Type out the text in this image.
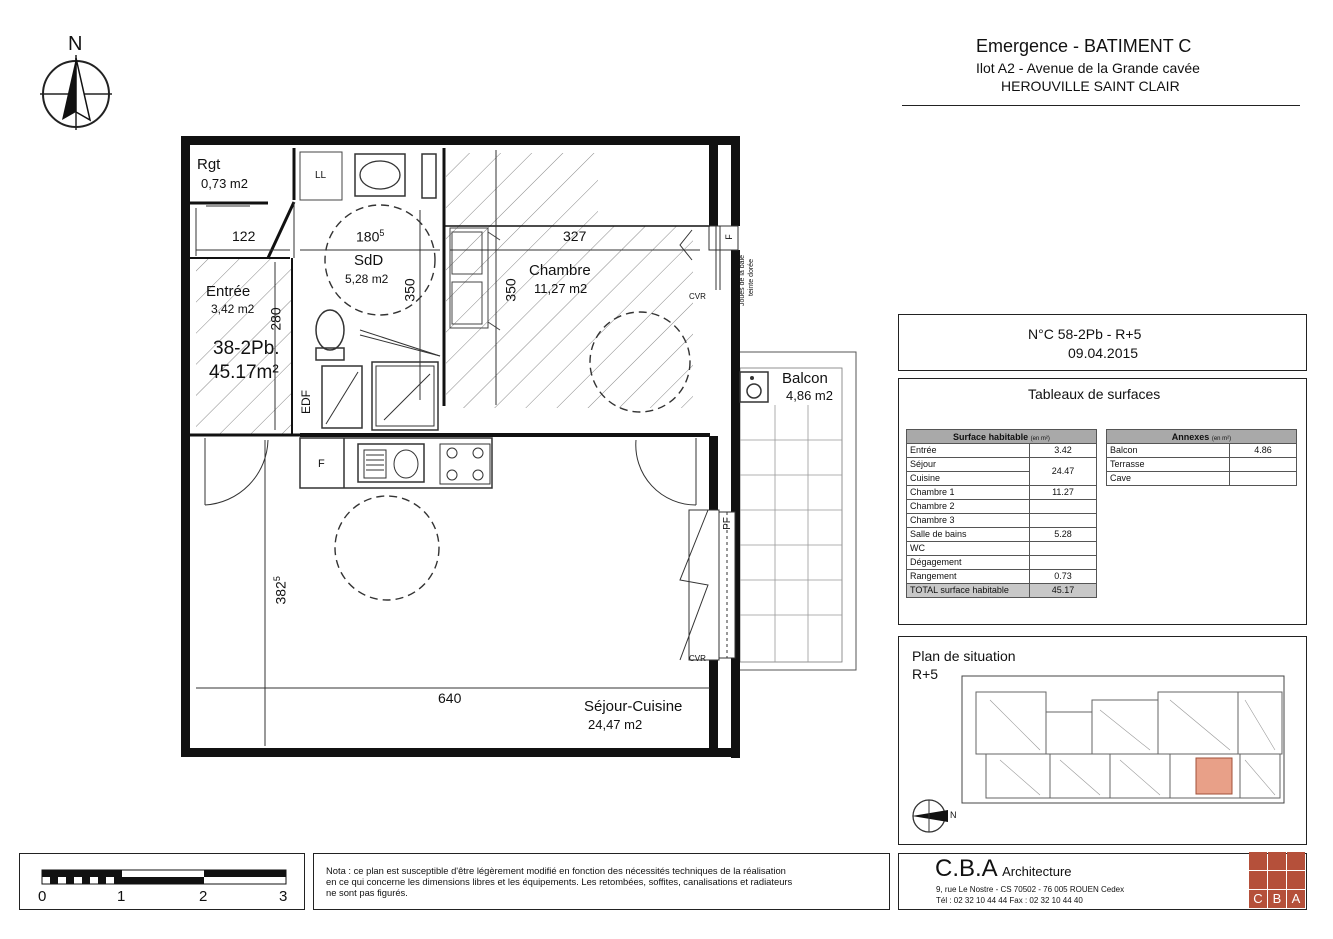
Emergence - BATIMENT C
Ilot A2 - Avenue de la Grande cavée
HEROUVILLE SAINT CLAIR
N
Rgt
0,73 m2
LL
SdD
5,28 m2	Chambre
11,27 m2
Entrée
3,42 m2
38-2Pb.
45.17m²
Séjour-Cuisine
24,47 m2
Balcon
4,86 m2
F
F
EDF
PF
CVR
CVR
Joues de la baie teinte dorée
122	$180^5$	327
350	350
280
$382^5$
640
N°C 58-2Pb - R+5
09.04.2015
Tableaux de surfaces
Surface habitable (en m²)	
Entrée	3.42
Séjour	24.47
Cuisine	
Chambre 1	11.27
Chambre 2	
Chambre 3	
Salle de bains	5.28
WC	
Dégagement	
Rangement	0.73
TOTAL surface habitable	45.17
Annexes (en m²)	
Balcon	4.86
Terrasse	
Cave	
Plan de situation
R+5
N
0	1	2	3
Nota : ce plan est susceptible d'être légèrement modifié en fonction des nécessités techniques de la réalisation
en ce qui concerne les dimensions libres et les équipements. Les retombées, soffites, canalisations et radiateurs
ne sont pas figurés.
C.B.A Architecture
9, rue Le Nostre - CS 70502 - 76 005 ROUEN Cedex
Tél : 02 32 10 44 44 Fax : 02 32 10 44 40	C B A
